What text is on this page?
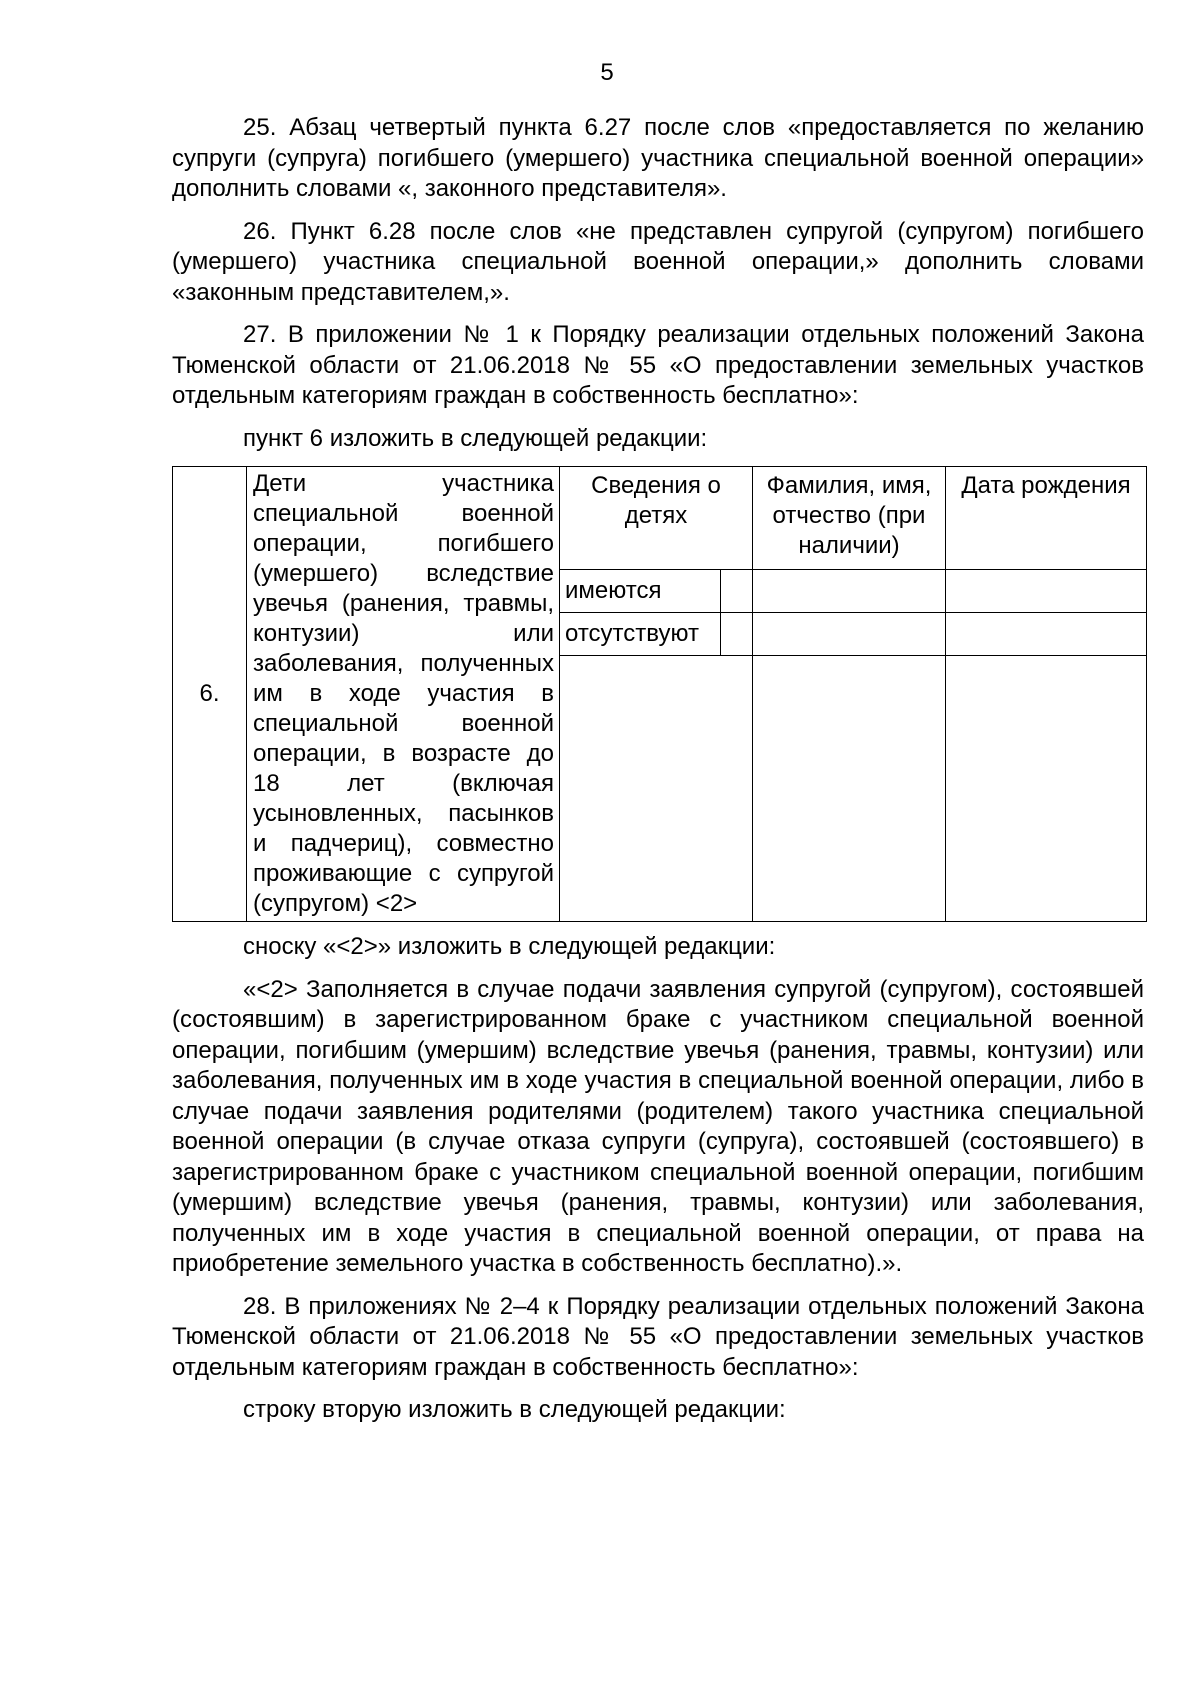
5

25. Абзац четвертый пункта 6.27 после слов «предоставляется по желанию супруги (супруга) погибшего (умершего) участника специальной военной операции» дополнить словами «, законного представителя».

26. Пункт 6.28 после слов «не представлен супругой (супругом) погибшего (умершего) участника специальной военной операции,» дополнить словами «законным представителем,».

27. В приложении № 1 к Порядку реализации отдельных положений Закона Тюменской области от 21.06.2018 № 55 «О предоставлении земельных участков отдельным категориям граждан в собственность бесплатно»:

пункт 6 изложить в следующей редакции:

6.	Дети участника специальной военной операции, погибшего (умершего) вследствие увечья (ранения, травмы, контузии) или заболевания, полученных им в ходе участия в специальной военной операции, в возрасте до 18 лет (включая усыновленных, пасынков и падчериц), совместно проживающие с супругой (супругом) <2>	Сведения о детях		Фамилия, имя, отчество (при наличии)	Дата рождения
		имеются			
		отсутствуют			

сноску «<2>» изложить в следующей редакции:

«<2> Заполняется в случае подачи заявления супругой (супругом), состоявшей (состоявшим) в зарегистрированном браке с участником специальной военной операции, погибшим (умершим) вследствие увечья (ранения, травмы, контузии) или заболевания, полученных им в ходе участия в специальной военной операции, либо в случае подачи заявления родителями (родителем) такого участника специальной военной операции (в случае отказа супруги (супруга), состоявшей (состоявшего) в зарегистрированном браке с участником специальной военной операции, погибшим (умершим) вследствие увечья (ранения, травмы, контузии) или заболевания, полученных им в ходе участия в специальной военной операции, от права на приобретение земельного участка в собственность бесплатно).».

28. В приложениях № 2–4 к Порядку реализации отдельных положений Закона Тюменской области от 21.06.2018 № 55 «О предоставлении земельных участков отдельным категориям граждан в собственность бесплатно»:

строку вторую изложить в следующей редакции:
